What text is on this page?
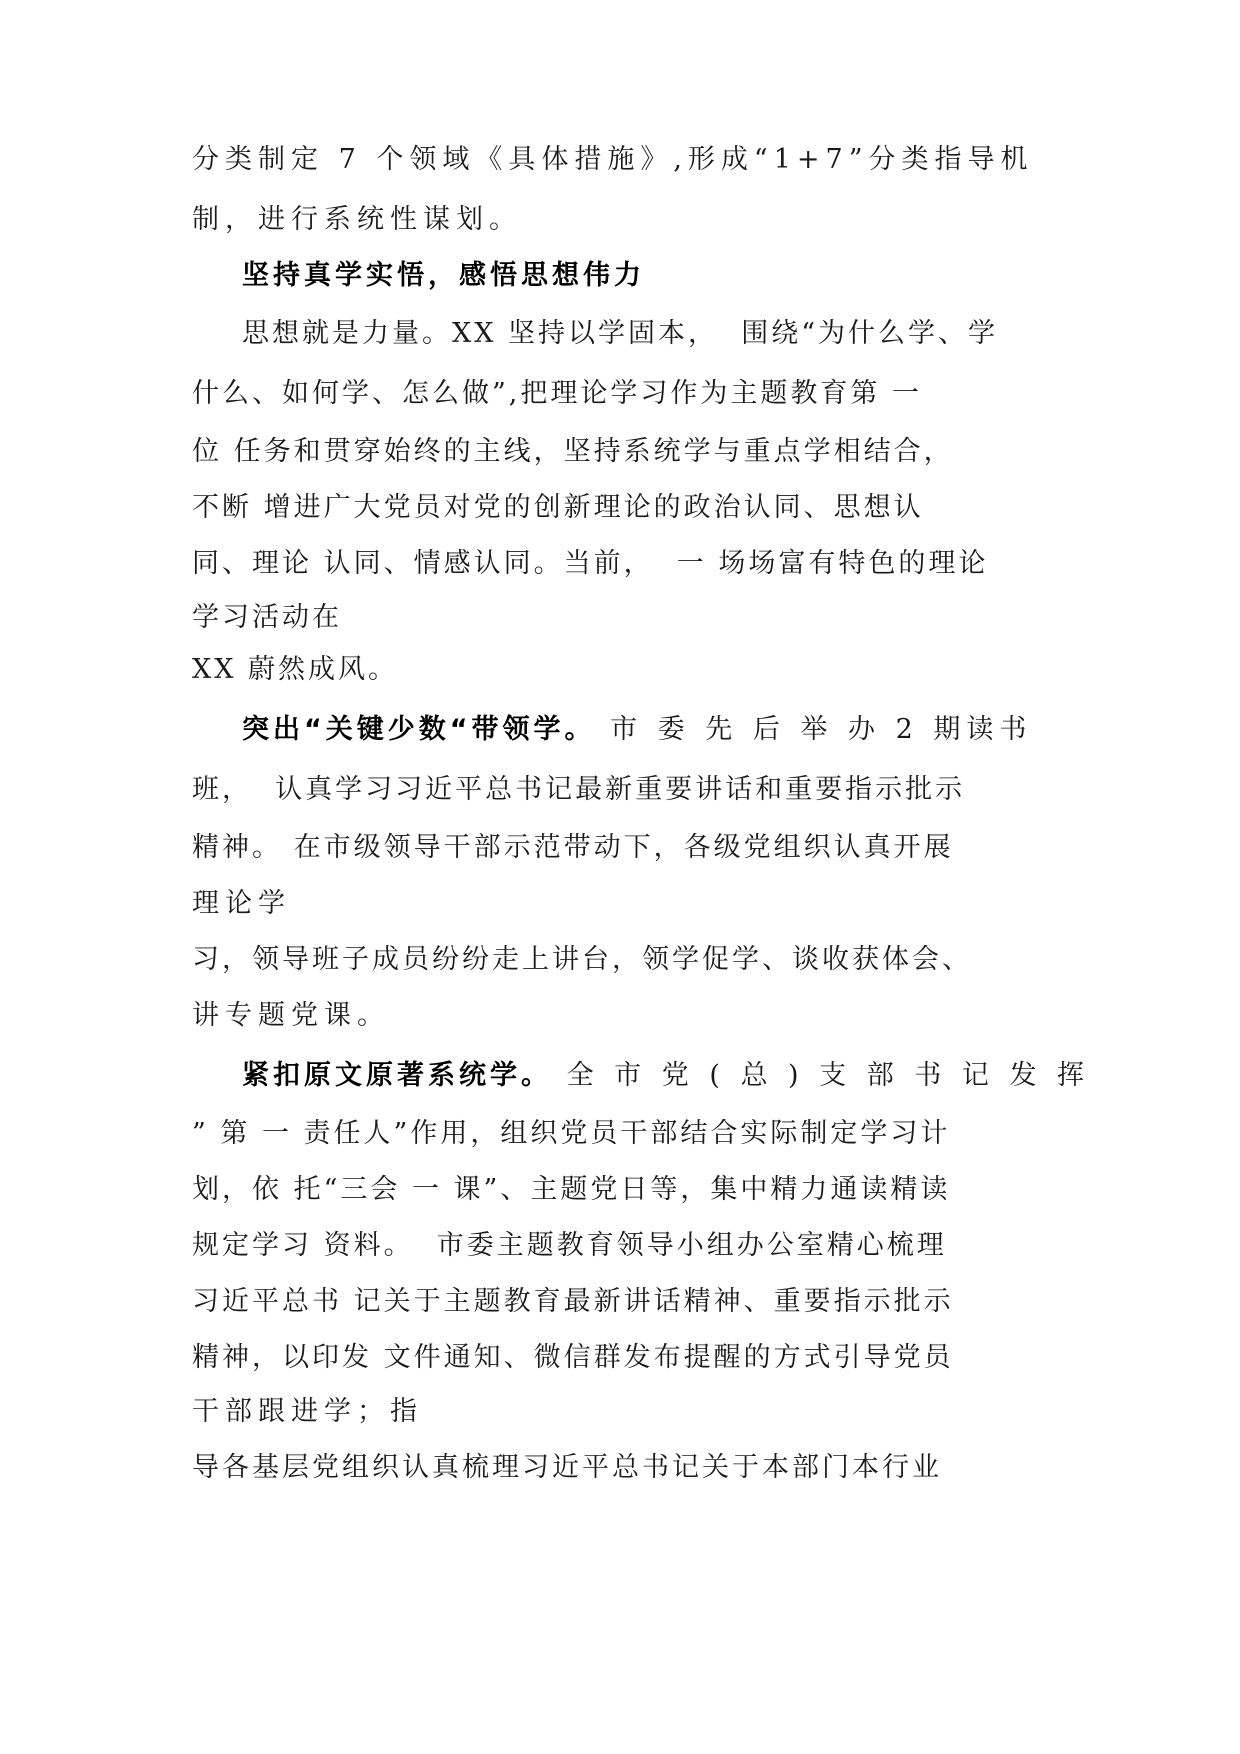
分类制定 7 个领域《具体措施》,形成“1+7”分类指导机
制，进行系统性谋划。
坚持真学实悟，感悟思想伟力
思想就是力量。XX 坚持以学固本，  围绕“为什么学、学
什么、如何学、怎么做”,把理论学习作为主题教育第 一
位 任务和贯穿始终的主线，坚持系统学与重点学相结合，
不断 增进广大党员对党的创新理论的政治认同、思想认
同、理论 认同、情感认同。当前，  一 场场富有特色的理论
学习活动在
XX 蔚然成风。
突出“关键少数“带领学。 市 委 先 后 举 办 2 期读书
班，  认真学习习近平总书记最新重要讲话和重要指示批示
精神。 在市级领导干部示范带动下，各级党组织认真开展
理论学
习，领导班子成员纷纷走上讲台，领学促学、谈收获体会、
讲专题党课。
紧扣原文原著系统学。 全 市 党 ( 总 ) 支 部 书 记 发 挥
” 第 一 责任人”作用，组织党员干部结合实际制定学习计
划，依 托“三会 一 课”、主题党日等，集中精力通读精读
规定学习 资料。  市委主题教育领导小组办公室精心梳理
习近平总书 记关于主题教育最新讲话精神、重要指示批示
精神，以印发 文件通知、微信群发布提醒的方式引导党员
干部跟进学；指
导各基层党组织认真梳理习近平总书记关于本部门本行业
